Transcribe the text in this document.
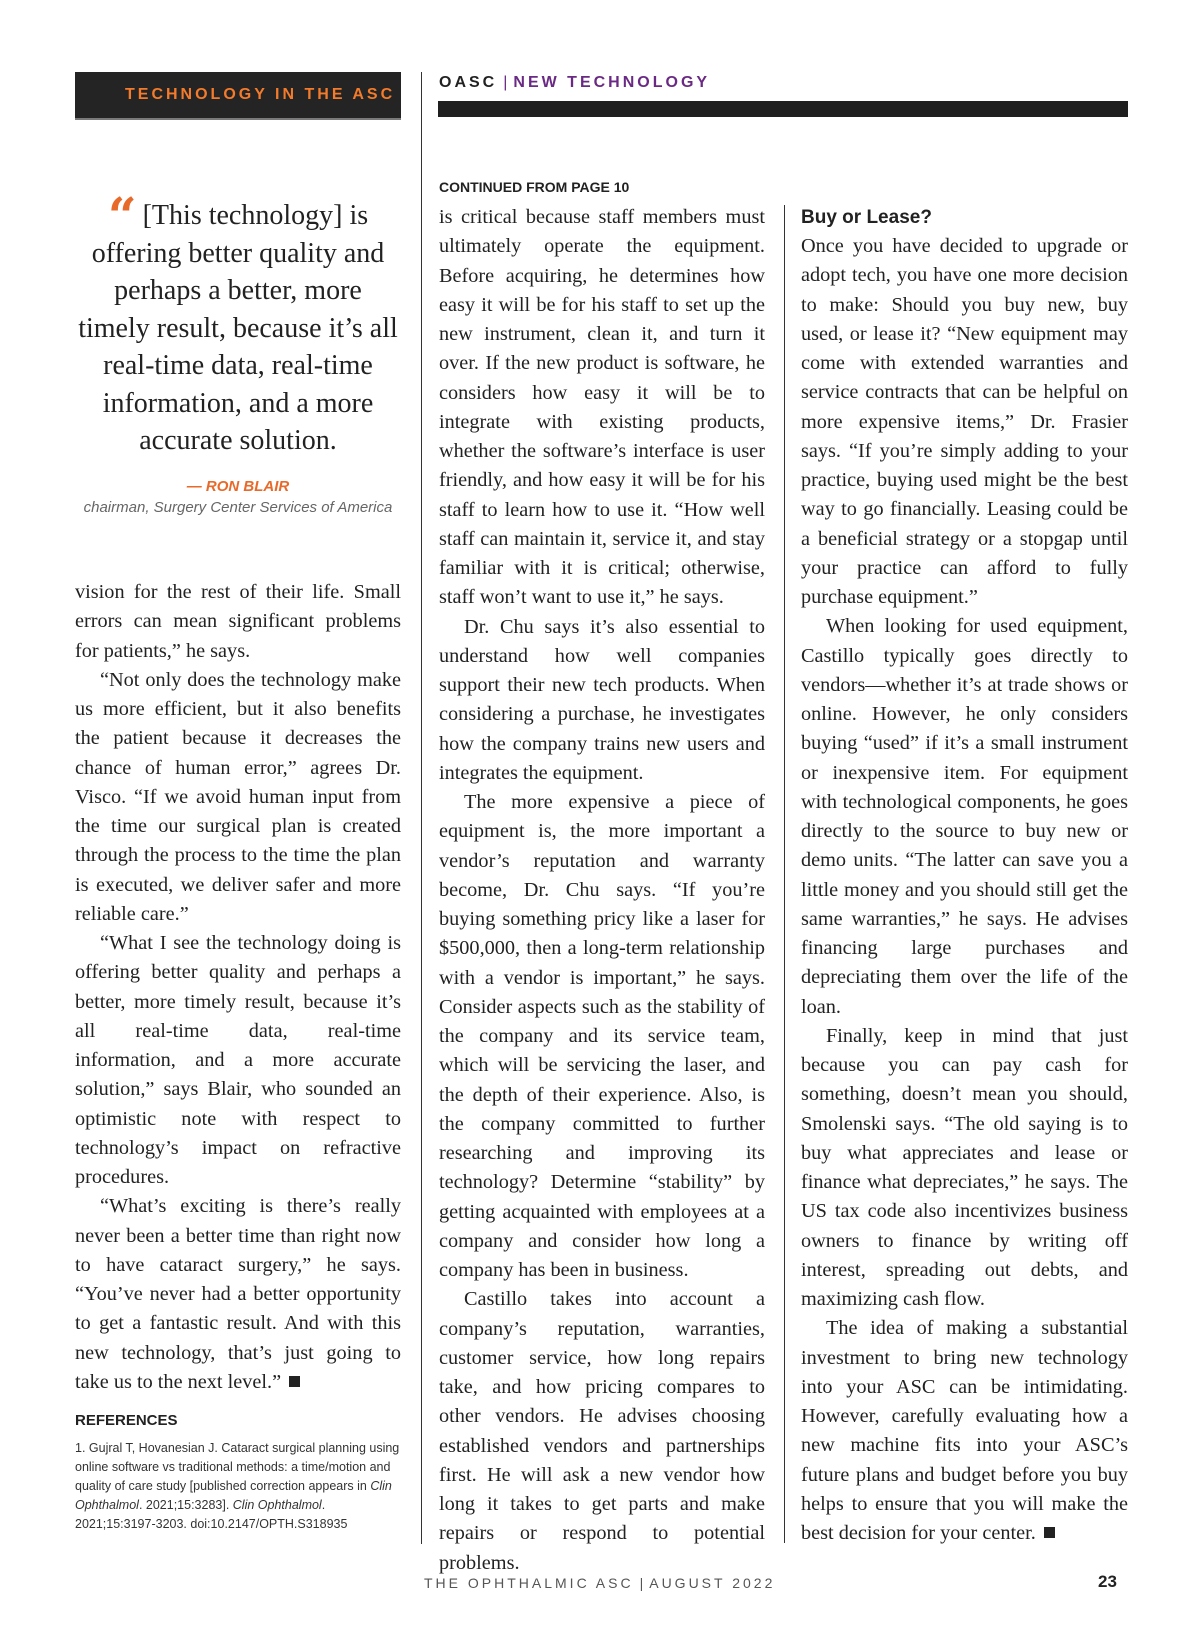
TECHNOLOGY IN THE ASC
OASC | NEW TECHNOLOGY
“ [This technology] is offering better quality and perhaps a better, more timely result, because it’s all real-time data, real-time information, and a more accurate solution.
— RON BLAIR
chairman, Surgery Center Services of America

vision for the rest of their life. Small errors can mean significant problems for patients,” he says.

“Not only does the technology make us more efficient, but it also benefits the patient because it decreases the chance of human error,” agrees Dr. Visco. “If we avoid human input from the time our surgical plan is created through the process to the time the plan is executed, we deliver safer and more reliable care.”

“What I see the technology doing is offering better quality and perhaps a better, more timely result, because it’s all real-time data, real-time information, and a more accurate solution,” says Blair, who sounded an optimistic note with respect to technology’s impact on refractive procedures.

“What’s exciting is there’s really never been a better time than right now to have cataract surgery,” he says. “You’ve never had a better opportunity to get a fantastic result. And with this new technology, that’s just going to take us to the next level.”

REFERENCES
1. Gujral T, Hovanesian J. Cataract surgical planning using online software vs traditional methods: a time/motion and quality of care study [published correction appears in Clin Ophthalmol. 2021;15:3283]. Clin Ophthalmol. 2021;15:3197-3203. doi:10.2147/OPTH.S318935
CONTINUED FROM PAGE 10

is critical because staff members must ultimately operate the equipment. Before acquiring, he determines how easy it will be for his staff to set up the new instrument, clean it, and turn it over. If the new product is software, he considers how easy it will be to integrate with existing products, whether the software’s interface is user friendly, and how easy it will be for his staff to learn how to use it. “How well staff can maintain it, service it, and stay familiar with it is critical; otherwise, staff won’t want to use it,” he says.

Dr. Chu says it’s also essential to understand how well companies support their new tech products. When considering a purchase, he investigates how the company trains new users and integrates the equipment.

The more expensive a piece of equipment is, the more important a vendor’s reputation and warranty become, Dr. Chu says. “If you’re buying something pricy like a laser for $500,000, then a long-term relationship with a vendor is important,” he says. Consider aspects such as the stability of the company and its service team, which will be servicing the laser, and the depth of their experience. Also, is the company committed to further researching and improving its technology? Determine “stability” by getting acquainted with employees at a company and consider how long a company has been in business.

Castillo takes into account a company’s reputation, warranties, customer service, how long repairs take, and how pricing compares to other vendors. He advises choosing established vendors and partnerships first. He will ask a new vendor how long it takes to get parts and make repairs or respond to potential problems.

Buy or Lease?

Once you have decided to upgrade or adopt tech, you have one more decision to make: Should you buy new, buy used, or lease it? “New equipment may come with extended warranties and service contracts that can be helpful on more expensive items,” Dr. Frasier says. “If you’re simply adding to your practice, buying used might be the best way to go financially. Leasing could be a beneficial strategy or a stopgap until your practice can afford to fully purchase equipment.”

When looking for used equipment, Castillo typically goes directly to vendors—whether it’s at trade shows or online. However, he only considers buying “used” if it’s a small instrument or inexpensive item. For equipment with technological components, he goes directly to the source to buy new or demo units. “The latter can save you a little money and you should still get the same warranties,” he says. He advises financing large purchases and depreciating them over the life of the loan.

Finally, keep in mind that just because you can pay cash for something, doesn’t mean you should, Smolenski says. “The old saying is to buy what appreciates and lease or finance what depreciates,” he says. The US tax code also incentivizes business owners to finance by writing off interest, spreading out debts, and maximizing cash flow.

The idea of making a substantial investment to bring new technology into your ASC can be intimidating. However, carefully evaluating how a new machine fits into your ASC’s future plans and budget before you buy helps to ensure that you will make the best decision for your center.

THE OPHTHALMIC ASC | AUGUST 2022	23
